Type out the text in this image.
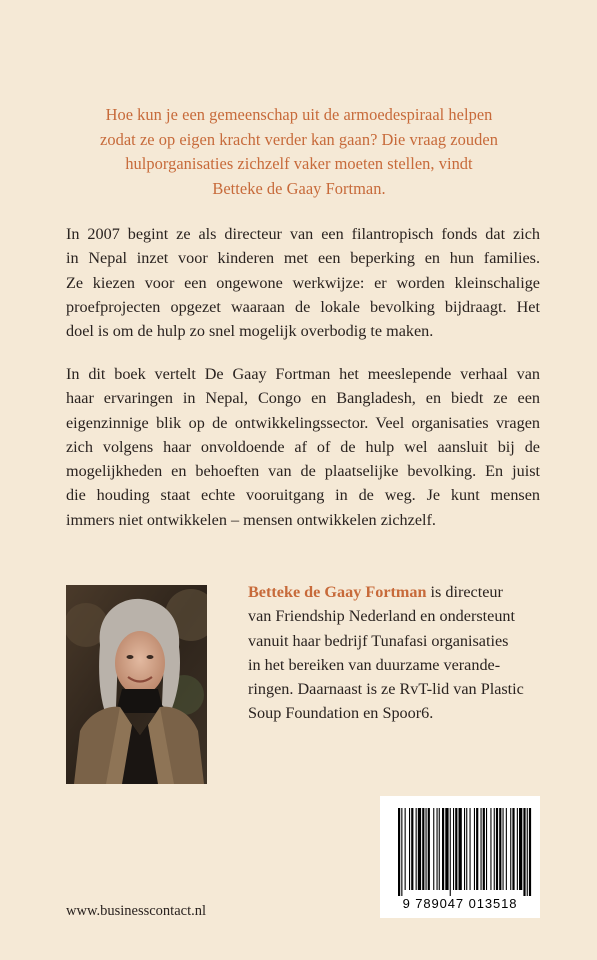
Hoe kun je een gemeenschap uit de armoedespiraal helpen
zodat ze op eigen kracht verder kan gaan? Die vraag zouden
hulporganisaties zichzelf vaker moeten stellen, vindt
Betteke de Gaay Fortman.
In 2007 begint ze als directeur van een filantropisch fonds dat zich
in Nepal inzet voor kinderen met een beperking en hun families.
Ze kiezen voor een ongewone werkwijze: er worden kleinschalige
proefprojecten opgezet waaraan de lokale bevolking bijdraagt. Het
doel is om de hulp zo snel mogelijk overbodig te maken.
In dit boek vertelt De Gaay Fortman het meeslepende verhaal van
haar ervaringen in Nepal, Congo en Bangladesh, en biedt ze een
eigenzinnige blik op de ontwikkelingssector. Veel organisaties vragen
zich volgens haar onvoldoende af of de hulp wel aansluit bij de
mogelijkheden en behoeften van de plaatselijke bevolking. En juist
die houding staat echte vooruitgang in de weg. Je kunt mensen
immers niet ontwikkelen – mensen ontwikkelen zichzelf.
Betteke de Gaay Fortman is directeur
van Friendship Nederland en ondersteunt
vanuit haar bedrijf Tunafasi organisaties
in het bereiken van duurzame verande-
ringen. Daarnaast is ze RvT-lid van Plastic
Soup Foundation en Spoor6.
9 789047 013518
www.businesscontact.nl
